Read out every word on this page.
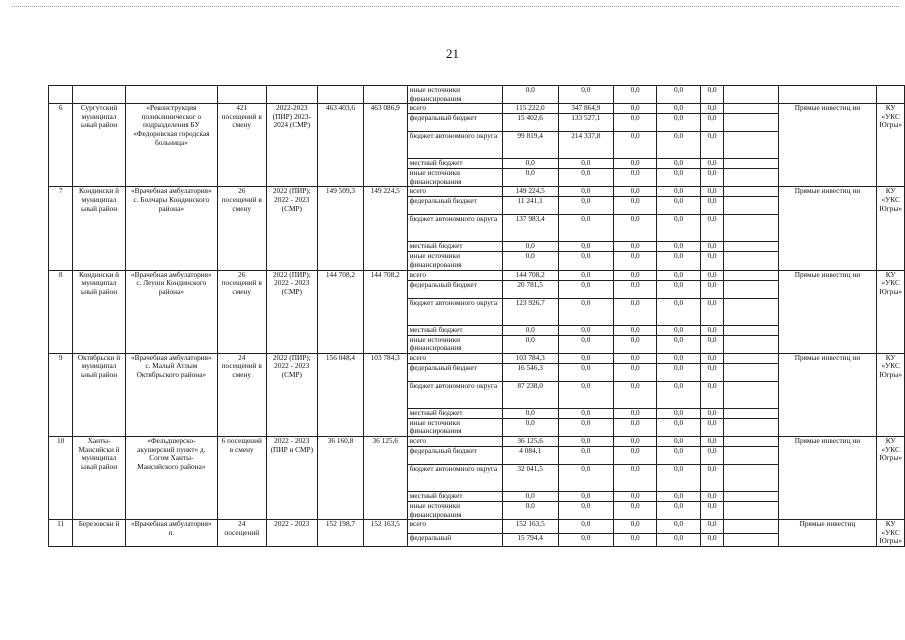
21
							иные источники финансирования	0,0	0,0	0,0	0,0	0,0			
6	Сургутский муниципал ьный район	«Реконструкция поликлиническог о подразделения БУ «Федоровская городская больница»	421 посещений в смену	2022-2023 (ПИР) 2023-2024 (СМР)	463 403,6	463 086,9	всего	115 222,0	347 864,9	0,0	0,0	0,0		Прямые инвестиц ии	КУ «УКС Югры»
							федеральный бюджет	15 402,6	133 527,1	0,0	0,0	0,0			
							бюджет автономного округа	99 819,4	214 337,8	0,0	0,0	0,0			
							местный бюджет	0,0	0,0	0,0	0,0	0,0			
							иные источники финансирования	0,0	0,0	0,0	0,0	0,0			
7	Кондински й муниципал ьный район	«Врачебная амбулатория» с. Болчары Кондинского района»	26 посещений в смену	2022 (ПИР); 2022 - 2023 (СМР)	149 509,3	149 224,5	всего	149 224,5	0,0	0,0	0,0	0,0		Прямые инвестиц ии	КУ «УКС Югры»
							федеральный бюджет	11 241,1	0,0	0,0	0,0	0,0			
							бюджет автономного округа	137 983,4	0,0	0,0	0,0	0,0			
							местный бюджет	0,0	0,0	0,0	0,0	0,0			
							иные источники финансирования	0,0	0,0	0,0	0,0	0,0			
8	Кондински й муниципал ьный район	«Врачебная амбулатория» с. Леуши Кондинского района»	26 посещений в смену	2022 (ПИР); 2022 - 2023 (СМР)	144 708,2	144 708,2	всего	144 708,2	0,0	0,0	0,0	0,0		Прямые инвестиц ии	КУ «УКС Югры»
							федеральный бюджет	20 781,5	0,0	0,0	0,0	0,0			
							бюджет автономного округа	123 926,7	0,0	0,0	0,0	0,0			
							местный бюджет	0,0	0,0	0,0	0,0	0,0			
							иные источники финансирования	0,0	0,0	0,0	0,0	0,0			
9	Октябрьски й муниципал ьный район	«Врачебная амбулатория» с. Малый Атлым Октябрьского района»	24 посещений в смену	2022 (ПИР); 2022 - 2023 (СМР)	156 048,4	103 784,3	всего	103 784,3	0,0	0,0	0,0	0,0		Прямые инвестиц ии	КУ «УКС Югры»
							федеральный бюджет	16 546,3	0,0	0,0	0,0	0,0			
							бюджет автономного округа	87 238,0	0,0	0,0	0,0	0,0			
							местный бюджет	0,0	0,0	0,0	0,0	0,0			
							иные источники финансирования	0,0	0,0	0,0	0,0	0,0			
10	Ханты- Мансийски й муниципал ьный район	«Фельдшерско- акушерский пункт» д. Согом Ханты- Мансийского района»	6 посещений в смену	2022 - 2023 (ПИР и СМР)	36 160,8	36 125,6	всего	36 125,6	0,0	0,0	0,0	0,0		Прямые инвестиц ии	КУ «УКС Югры»
							федеральный бюджет	4 084,1	0,0	0,0	0,0	0,0			
							бюджет автономного округа	32 041,5	0,0	0,0	0,0	0,0			
							местный бюджет	0,0	0,0	0,0	0,0	0,0			
							иные источники финансирования	0,0	0,0	0,0	0,0	0,0			
11	Березовски й	«Врачебная амбулатория» п.	24 посещений	2022 - 2023	152 198,7	152 163,5	всего	152 163,5	0,0	0,0	0,0	0,0		Прямые инвестиц	КУ «УКС Югры»
							федеральный	15 794,4	0,0	0,0	0,0	0,0			
